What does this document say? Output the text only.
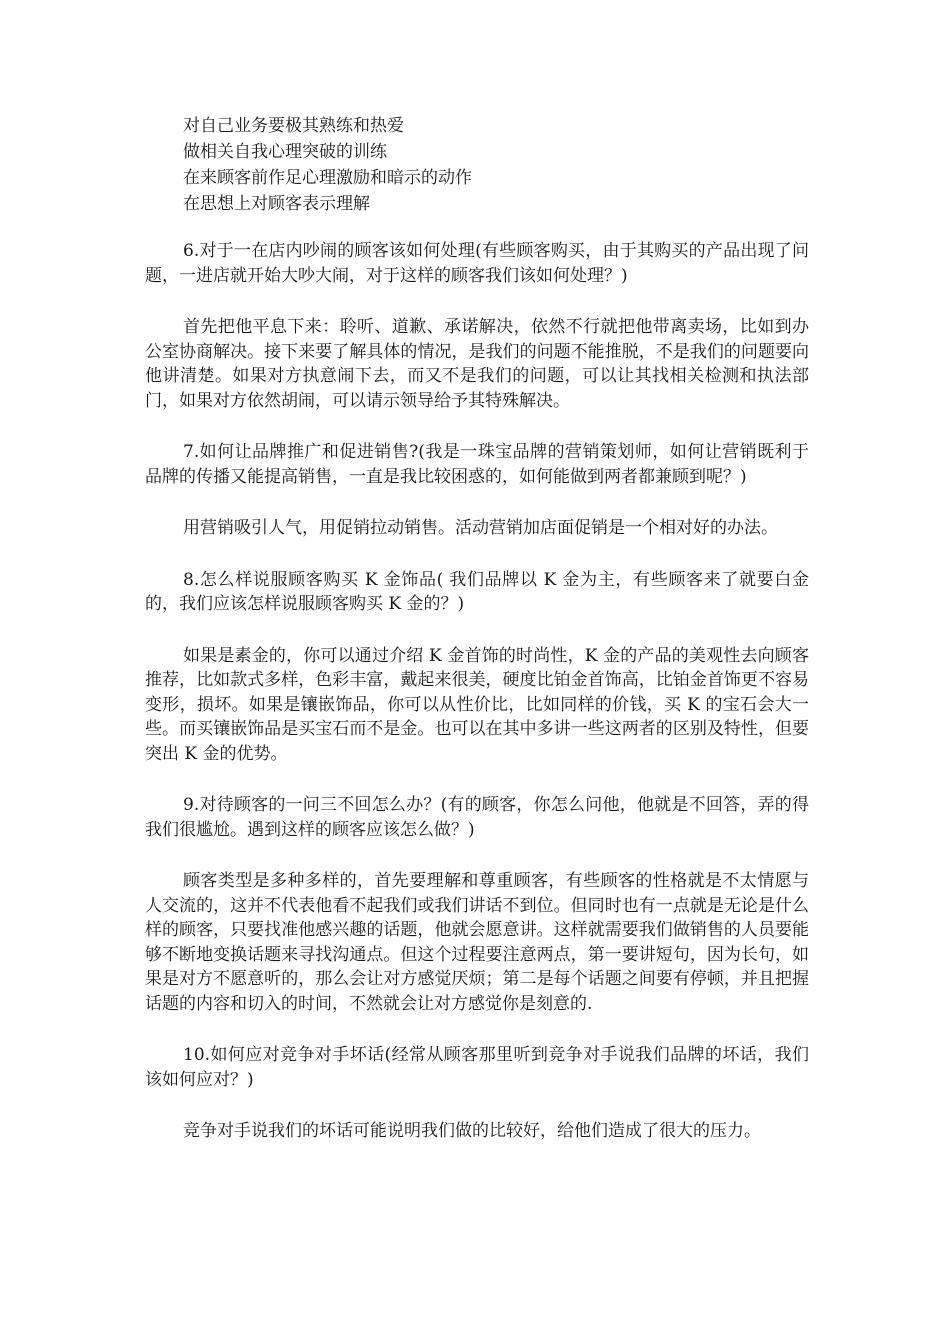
对自己业务要极其熟练和热爱
做相关自我心理突破的训练
在来顾客前作足心理激励和暗示的动作
在思想上对顾客表示理解

6.对于一在店内吵闹的顾客该如何处理(有些顾客购买，由于其购买的产品出现了问题，一进店就开始大吵大闹，对于这样的顾客我们该如何处理？)

首先把他平息下来：聆听、道歉、承诺解决，依然不行就把他带离卖场，比如到办公室协商解决。接下来要了解具体的情况，是我们的问题不能推脱，不是我们的问题要向他讲清楚。如果对方执意闹下去，而又不是我们的问题，可以让其找相关检测和执法部门，如果对方依然胡闹，可以请示领导给予其特殊解决。

7.如何让品牌推广和促进销售?(我是一珠宝品牌的营销策划师，如何让营销既利于品牌的传播又能提高销售，一直是我比较困惑的，如何能做到两者都兼顾到呢？)

用营销吸引人气，用促销拉动销售。活动营销加店面促销是一个相对好的办法。

8.怎么样说服顾客购买 K 金饰品( 我们品牌以 K 金为主，有些顾客来了就要白金的，我们应该怎样说服顾客购买 K 金的？)

如果是素金的，你可以通过介绍 K 金首饰的时尚性，K 金的产品的美观性去向顾客推荐，比如款式多样，色彩丰富，戴起来很美，硬度比铂金首饰高，比铂金首饰更不容易变形，损坏。如果是镶嵌饰品，你可以从性价比，比如同样的价钱，买 K 的宝石会大一些。而买镶嵌饰品是买宝石而不是金。也可以在其中多讲一些这两者的区别及特性，但要突出 K 金的优势。

9.对待顾客的一问三不回怎么办？(有的顾客，你怎么问他，他就是不回答，弄的得我们很尴尬。遇到这样的顾客应该怎么做？)

顾客类型是多种多样的，首先要理解和尊重顾客，有些顾客的性格就是不太情愿与人交流的，这并不代表他看不起我们或我们讲话不到位。但同时也有一点就是无论是什么样的顾客，只要找准他感兴趣的话题，他就会愿意讲。这样就需要我们做销售的人员要能够不断地变换话题来寻找沟通点。但这个过程要注意两点，第一要讲短句，因为长句，如果是对方不愿意听的，那么会让对方感觉厌烦；第二是每个话题之间要有停顿，并且把握话题的内容和切入的时间，不然就会让对方感觉你是刻意的.

10.如何应对竞争对手坏话(经常从顾客那里听到竞争对手说我们品牌的坏话，我们该如何应对？)

竞争对手说我们的坏话可能说明我们做的比较好，给他们造成了很大的压力。
